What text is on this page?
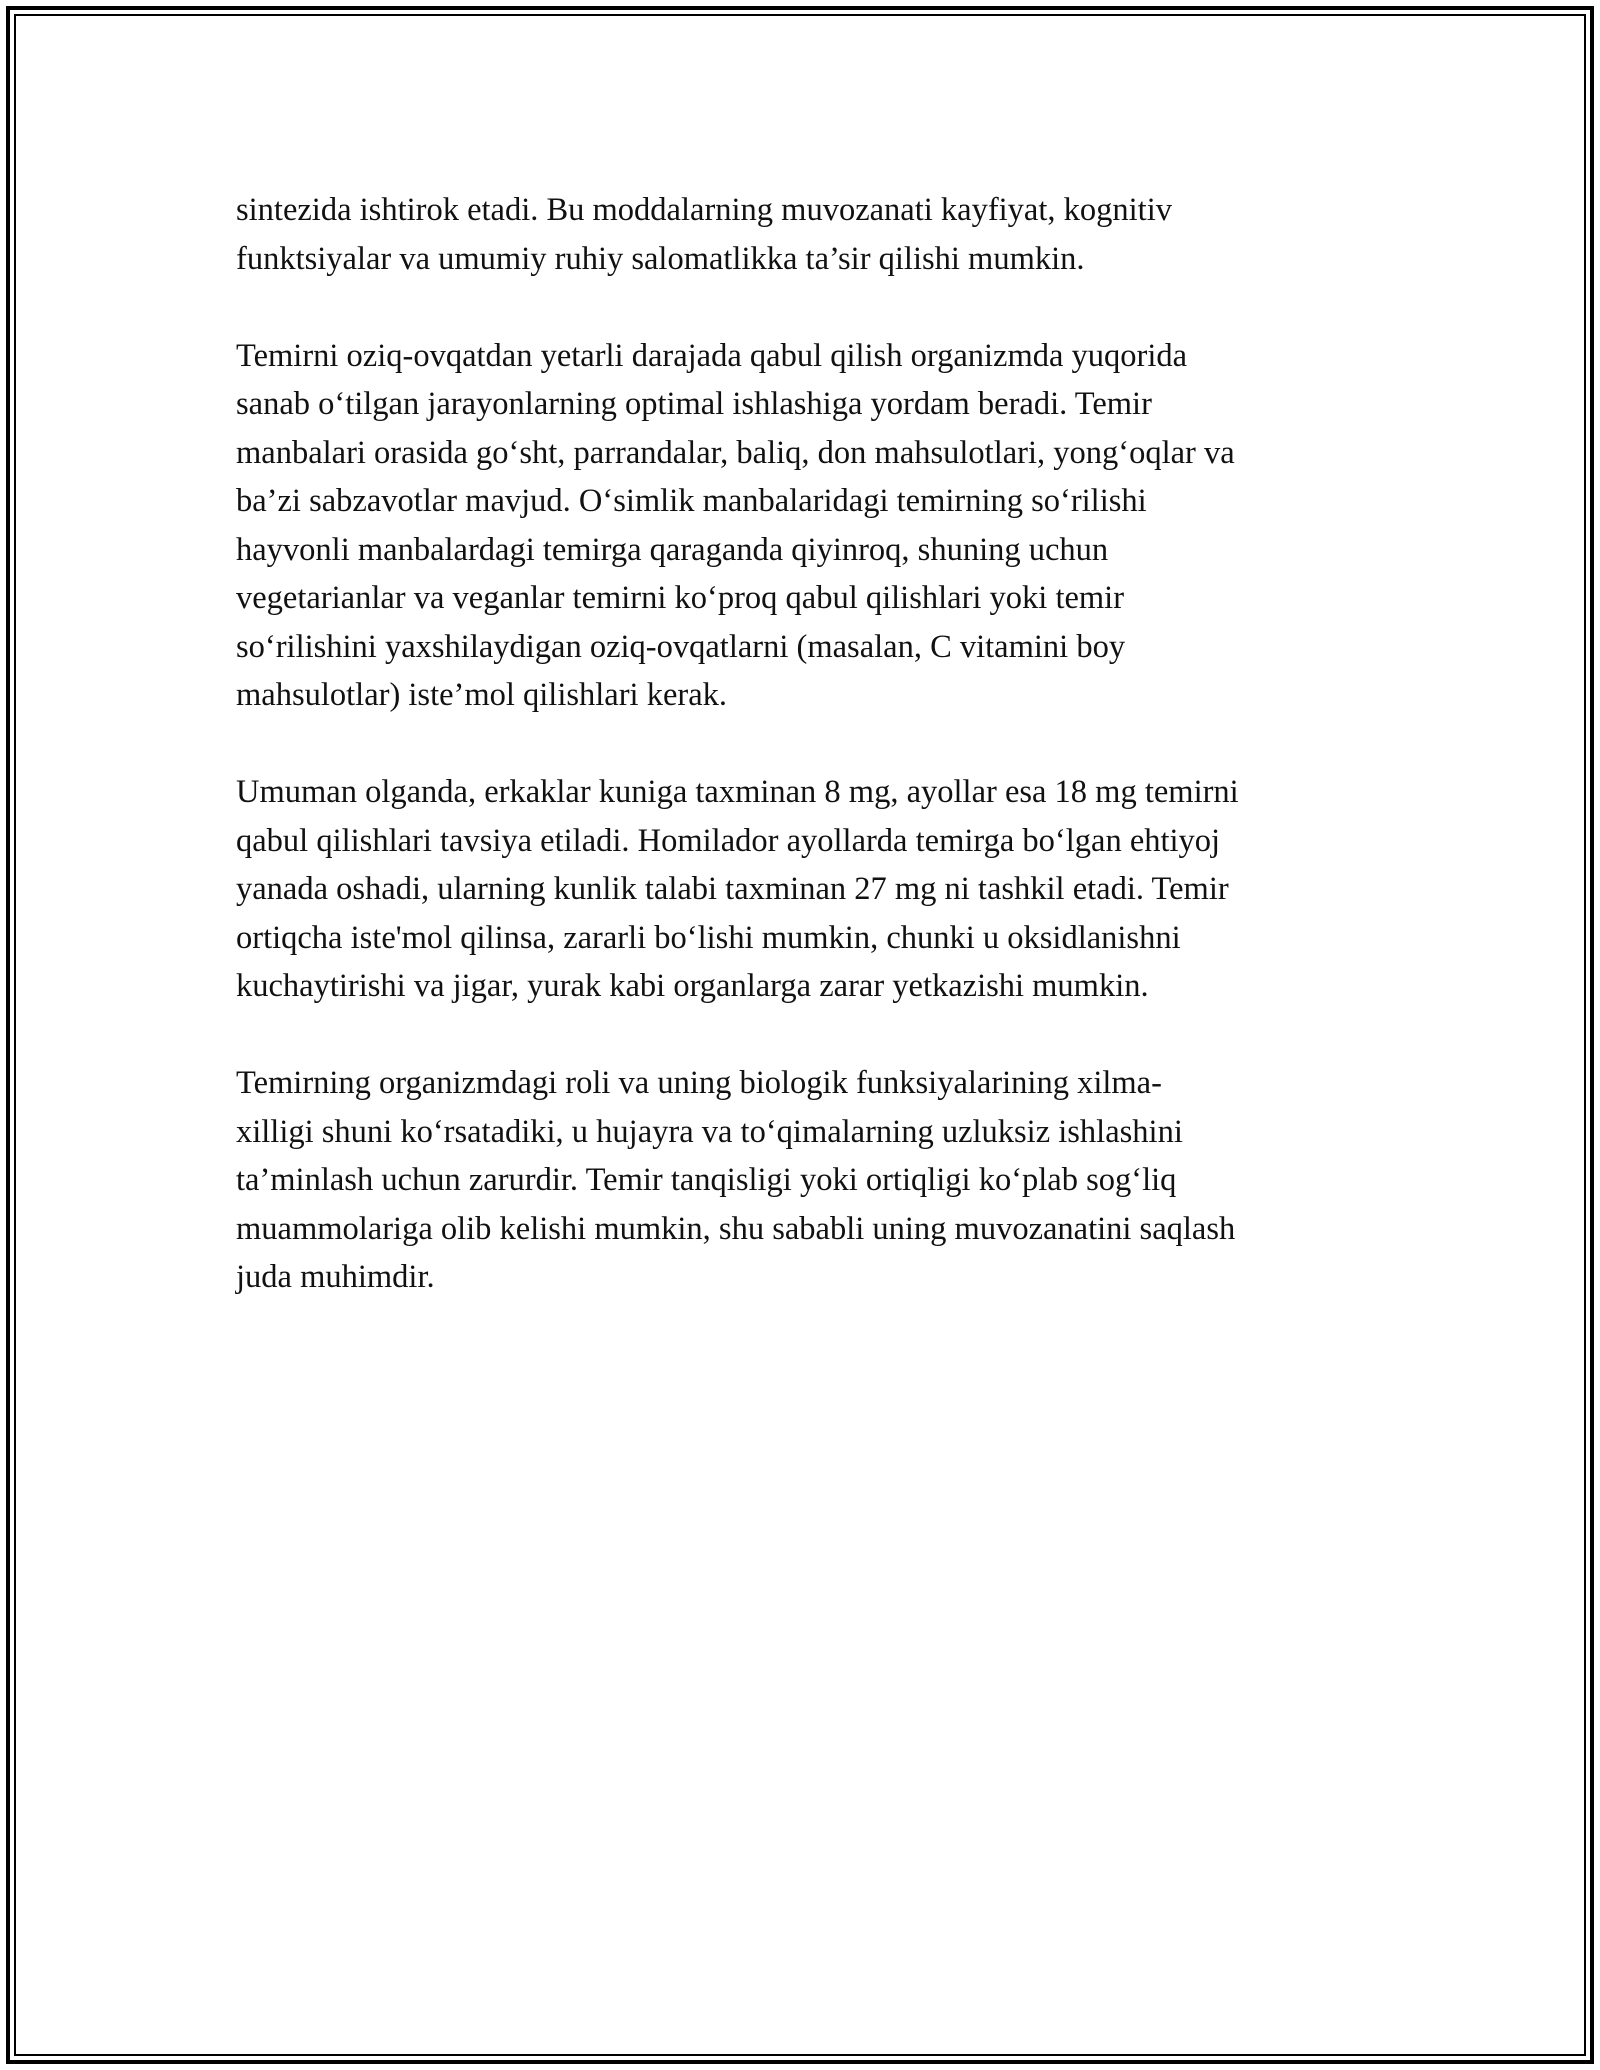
sintezida ishtirok etadi. Bu moddalarning muvozanati kayfiyat, kognitiv
funktsiyalar va umumiy ruhiy salomatlikka ta’sir qilishi mumkin.

Temirni oziq-ovqatdan yetarli darajada qabul qilish organizmda yuqorida
sanab o‘tilgan jarayonlarning optimal ishlashiga yordam beradi. Temir
manbalari orasida go‘sht, parrandalar, baliq, don mahsulotlari, yong‘oqlar va
ba’zi sabzavotlar mavjud. O‘simlik manbalaridagi temirning so‘rilishi
hayvonli manbalardagi temirga qaraganda qiyinroq, shuning uchun
vegetarianlar va veganlar temirni ko‘proq qabul qilishlari yoki temir
so‘rilishini yaxshilaydigan oziq-ovqatlarni (masalan, C vitamini boy
mahsulotlar) iste’mol qilishlari kerak.

Umuman olganda, erkaklar kuniga taxminan 8 mg, ayollar esa 18 mg temirni
qabul qilishlari tavsiya etiladi. Homilador ayollarda temirga bo‘lgan ehtiyoj
yanada oshadi, ularning kunlik talabi taxminan 27 mg ni tashkil etadi. Temir
ortiqcha iste'mol qilinsa, zararli bo‘lishi mumkin, chunki u oksidlanishni
kuchaytirishi va jigar, yurak kabi organlarga zarar yetkazishi mumkin.

Temirning organizmdagi roli va uning biologik funksiyalarining xilma-
xilligi shuni ko‘rsatadiki, u hujayra va to‘qimalarning uzluksiz ishlashini
ta’minlash uchun zarurdir. Temir tanqisligi yoki ortiqligi ko‘plab sog‘liq
muammolariga olib kelishi mumkin, shu sababli uning muvozanatini saqlash
juda muhimdir.
